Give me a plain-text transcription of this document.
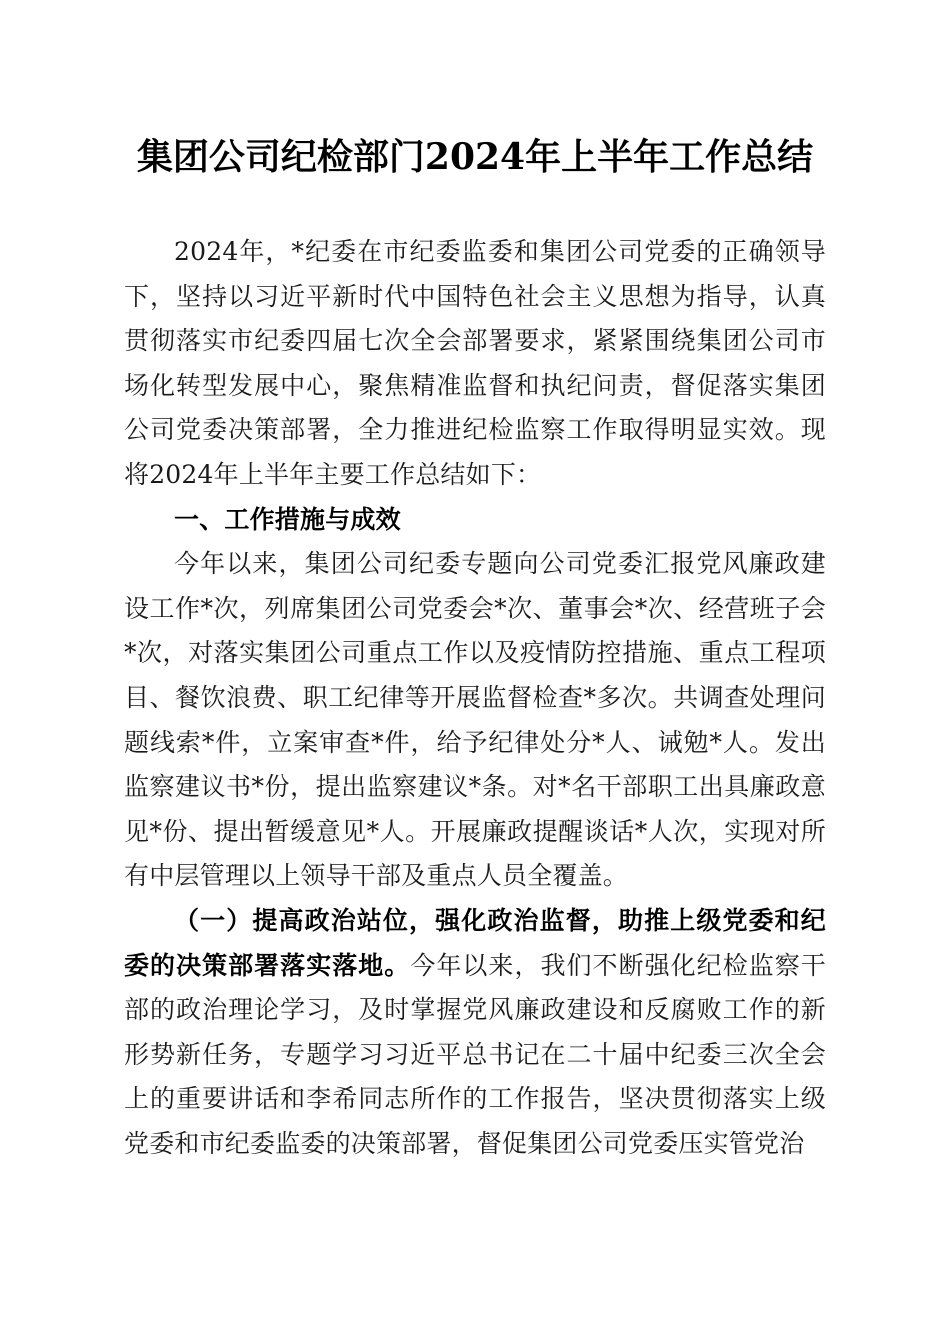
集团公司纪检部门2024年上半年工作总结

2024年，*纪委在市纪委监委和集团公司党委的正确领导下，坚持以习近平新时代中国特色社会主义思想为指导，认真贯彻落实市纪委四届七次全会部署要求，紧紧围绕集团公司市场化转型发展中心，聚焦精准监督和执纪问责，督促落实集团公司党委决策部署，全力推进纪检监察工作取得明显实效。现将2024年上半年主要工作总结如下：

一、工作措施与成效

今年以来，集团公司纪委专题向公司党委汇报党风廉政建设工作*次，列席集团公司党委会*次、董事会*次、经营班子会*次，对落实集团公司重点工作以及疫情防控措施、重点工程项目、餐饮浪费、职工纪律等开展监督检查*多次。共调查处理问题线索*件，立案审查*件，给予纪律处分*人、诫勉*人。发出监察建议书*份，提出监察建议*条。对*名干部职工出具廉政意见*份、提出暂缓意见*人。开展廉政提醒谈话*人次，实现对所有中层管理以上领导干部及重点人员全覆盖。

（一）提高政治站位，强化政治监督，助推上级党委和纪委的决策部署落实落地。今年以来，我们不断强化纪检监察干部的政治理论学习，及时掌握党风廉政建设和反腐败工作的新形势新任务，专题学习习近平总书记在二十届中纪委三次全会上的重要讲话和李希同志所作的工作报告，坚决贯彻落实上级党委和市纪委监委的决策部署，督促集团公司党委压实管党治
